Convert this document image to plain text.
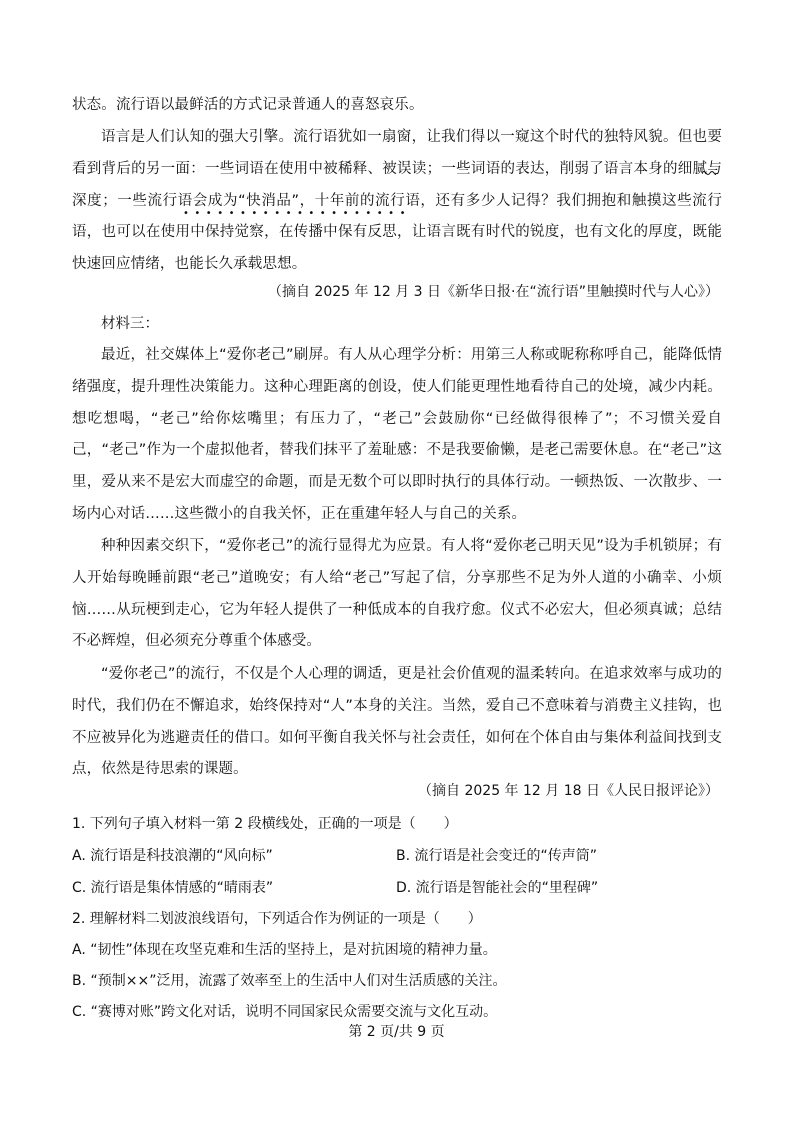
状态。流行语以最鲜活的方式记录普通人的喜怒哀乐。

语言是人们认知的强大引擎。流行语犹如一扇窗，让我们得以一窥这个时代的独特风貌。但也要看到背后的另一面：一些词语在使用中被稀释、被误读；一些词语的表达，削弱了语言本身的细腻与深度；一些流行语会成为“快消品”，十年前的流行语，还有多少人记得？我们拥抱和触摸这些流行语，也可以在使用中保持觉察，在传播中保有反思，让语言既有时代的锐度，也有文化的厚度，既能快速回应情绪，也能长久承载思想。

••••••••••••••••••••

（摘自 2025 年 12 月 3 日《新华日报·在“流行语”里触摸时代与人心》）

材料三：

最近，社交媒体上“爱你老己”刷屏。有人从心理学分析：用第三人称或昵称称呼自己，能降低情绪强度，提升理性决策能力。这种心理距离的创设，使人们能更理性地看待自己的处境，减少内耗。想吃想喝，“老己”给你炫嘴里；有压力了，“老己”会鼓励你“已经做得很棒了”；不习惯关爱自己，“老己”作为一个虚拟他者，替我们抹平了羞耻感：不是我要偷懒，是老己需要休息。在“老己”这里，爱从来不是宏大而虚空的命题，而是无数个可以即时执行的具体行动。一顿热饭、一次散步、一场内心对话……这些微小的自我关怀，正在重建年轻人与自己的关系。

种种因素交织下，“爱你老己”的流行显得尤为应景。有人将“爱你老己明天见”设为手机锁屏；有人开始每晚睡前跟“老己”道晚安；有人给“老己”写起了信，分享那些不足为外人道的小确幸、小烦恼……从玩梗到走心，它为年轻人提供了一种低成本的自我疗愈。仪式不必宏大，但必须真诚；总结不必辉煌，但必须充分尊重个体感受。

“爱你老己”的流行，不仅是个人心理的调适，更是社会价值观的温柔转向。在追求效率与成功的时代，我们仍在不懈追求，始终保持对“人”本身的关注。当然，爱自己不意味着与消费主义挂钩，也不应被异化为逃避责任的借口。如何平衡自我关怀与社会责任，如何在个体自由与集体利益间找到支点，依然是待思索的课题。

（摘自 2025 年 12 月 18 日《人民日报评论》）

1. 下列句子填入材料一第 2 段横线处，正确的一项是（　　）

A. 流行语是科技浪潮的“风向标”	B. 流行语是社会变迁的“传声筒”

C. 流行语是集体情感的“晴雨表”	D. 流行语是智能社会的“里程碑”

2. 理解材料二划波浪线语句，下列适合作为例证的一项是（　　）

A. “韧性”体现在攻坚克难和生活的坚持上，是对抗困境的精神力量。

B. “预制××”泛用，流露了效率至上的生活中人们对生活质感的关注。

C. “赛博对账”跨文化对话，说明不同国家民众需要交流与文化互动。

第 2 页/共 9 页
